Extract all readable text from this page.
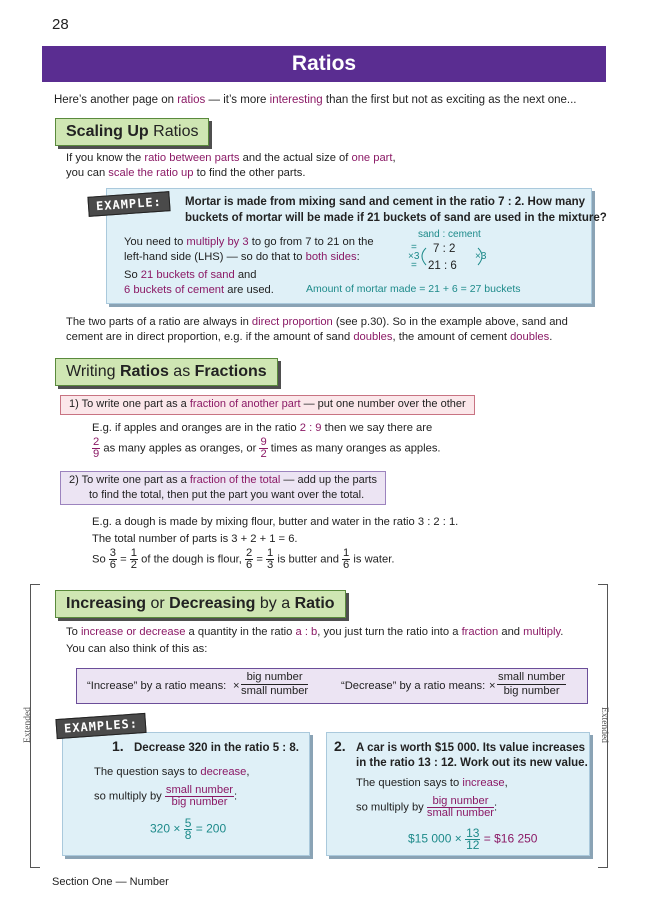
28
Ratios
Here’s another page on ratios — it’s more interesting than the first but not as exciting as the next one...
Scaling Up Ratios
If you know the ratio between parts and the actual size of one part,
you can scale the ratio up to find the other parts.
EXAMPLE:	Mortar is made from mixing sand and cement in the ratio 7 : 2. How many
buckets of mortar will be made if 21 buckets of sand are used in the mixture?
You need to multiply by 3 to go from 7 to 21 on the
left-hand side (LHS) — so do that to both sides:
So 21 buckets of sand and
6 buckets of cement are used.
sand : cement
7 : 2
21 : 6
=
=
×3	×3
Amount of mortar made = 21 + 6 = 27 buckets
The two parts of a ratio are always in direct proportion (see p.30). So in the example above, sand and
cement are in direct proportion, e.g. if the amount of sand doubles, the amount of cement doubles.
Writing Ratios as Fractions
1) To write one part as a fraction of another part — put one number over the other
E.g. if apples and oranges are in the ratio 2 : 9 then we say there are
$\frac{2}{9}$ as many apples as oranges, or $\frac{9}{2}$ times as many oranges as apples.
2) To write one part as a fraction of the total — add up the parts
to find the total, then put the part you want over the total.
E.g. a dough is made by mixing flour, butter and water in the ratio 3 : 2 : 1.
The total number of parts is 3 + 2 + 1 = 6.
So $\frac{3}{6} = \frac{1}{2}$ of the dough is flour, $\frac{2}{6} = \frac{1}{3}$ is butter and $\frac{1}{6}$ is water.
Extended	Extended
Increasing or Decreasing by a Ratio
To increase or decrease a quantity in the ratio a : b, you just turn the ratio into a fraction and multiply.
You can also think of this as:
“Increase” by a ratio means: ×
big number
small number	“Decrease” by a ratio means: ×
small number
big number
EXAMPLES:
1. Decrease 320 in the ratio 5 : 8.
The question says to decrease,
so multiply by $\frac{\text{small number}}{\text{big number}}$ :
$320 \times \frac{5}{8} = 200$
2. A car is worth $15 000. Its value increases
in the ratio 13 : 12. Work out its new value.
The question says to increase,
so multiply by $\frac{\text{big number}}{\text{small number}}$ :
$15 $000 \times \frac{13}{12}$ = $16 250
Section One — Number
